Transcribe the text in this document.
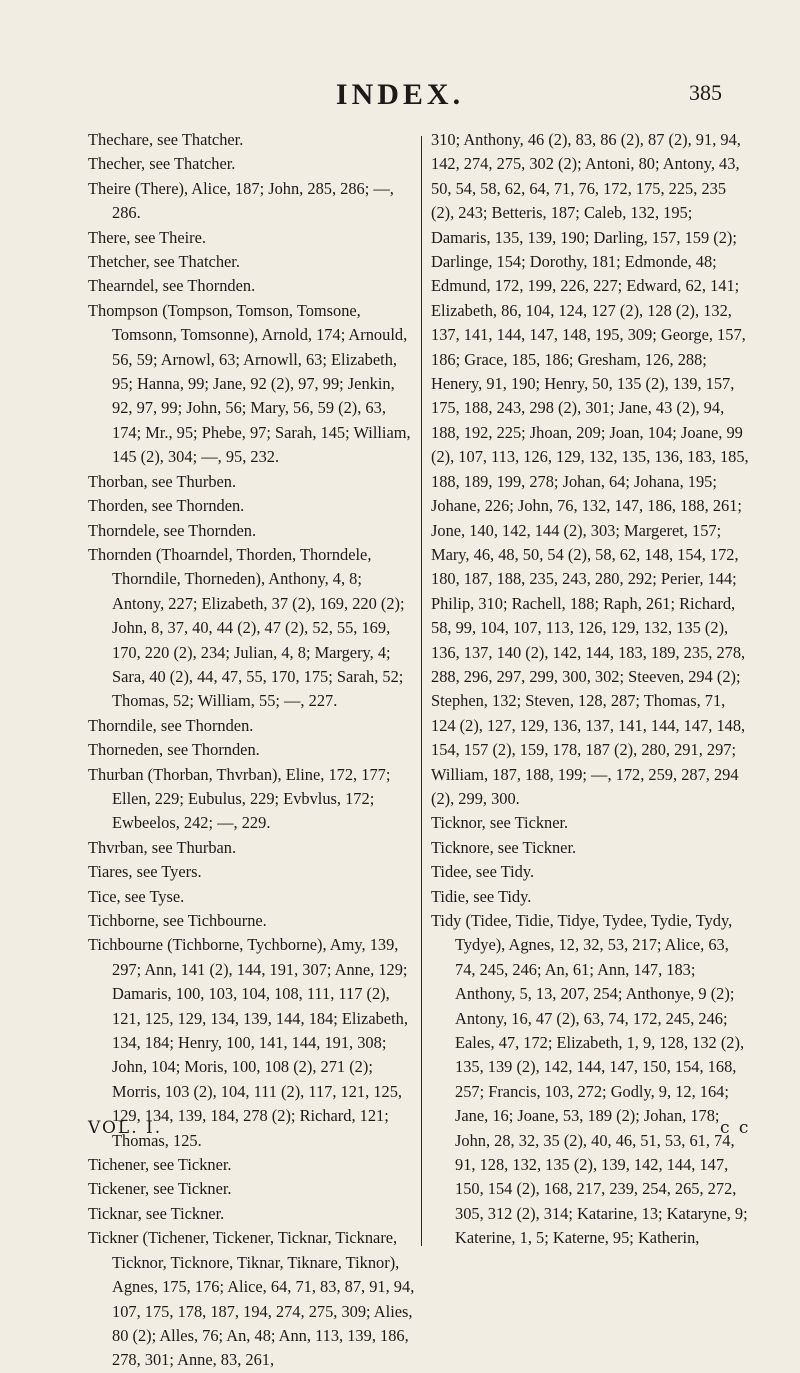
INDEX.	385

Thechare, see Thatcher.

Thecher, see Thatcher.

Theire (There), Alice, 187; John, 285, 286; —, 286.

There, see Theire.

Thetcher, see Thatcher.

Thearndel, see Thornden.

Thompson (Tompson, Tomson, Tomsone, Tomsonn, Tomsonne), Arnold, 174; Arnould, 56, 59; Arnowl, 63; Arnowll, 63; Elizabeth, 95; Hanna, 99; Jane, 92 (2), 97, 99; Jenkin, 92, 97, 99; John, 56; Mary, 56, 59 (2), 63, 174; Mr., 95; Phebe, 97; Sarah, 145; William, 145 (2), 304; —, 95, 232.

Thorban, see Thurben.

Thorden, see Thornden.

Thorndele, see Thornden.

Thornden (Thoarndel, Thorden, Thorndele, Thorndile, Thorneden), Anthony, 4, 8; Antony, 227; Elizabeth, 37 (2), 169, 220 (2); John, 8, 37, 40, 44 (2), 47 (2), 52, 55, 169, 170, 220 (2), 234; Julian, 4, 8; Margery, 4; Sara, 40 (2), 44, 47, 55, 170, 175; Sarah, 52; Thomas, 52; William, 55; —, 227.

Thorndile, see Thornden.

Thorneden, see Thornden.

Thurban (Thorban, Thvrban), Eline, 172, 177; Ellen, 229; Eubulus, 229; Evbvlus, 172; Ewbeelos, 242; —, 229.

Thvrban, see Thurban.

Tiares, see Tyers.

Tice, see Tyse.

Tichborne, see Tichbourne.

Tichbourne (Tichborne, Tychborne), Amy, 139, 297; Ann, 141 (2), 144, 191, 307; Anne, 129; Damaris, 100, 103, 104, 108, 111, 117 (2), 121, 125, 129, 134, 139, 144, 184; Elizabeth, 134, 184; Henry, 100, 141, 144, 191, 308; John, 104; Moris, 100, 108 (2), 271 (2); Morris, 103 (2), 104, 111 (2), 117, 121, 125, 129, 134, 139, 184, 278 (2); Richard, 121; Thomas, 125.

Tichener, see Tickner.

Tickener, see Tickner.

Ticknar, see Tickner.

Tickner (Tichener, Tickener, Ticknar, Ticknare, Ticknor, Ticknore, Tiknar, Tiknare, Tiknor), Agnes, 175, 176; Alice, 64, 71, 83, 87, 91, 94, 107, 175, 178, 187, 194, 274, 275, 309; Alies, 80 (2); Alles, 76; An, 48; Ann, 113, 139, 186, 278, 301; Anne, 83, 261,

310; Anthony, 46 (2), 83, 86 (2), 87 (2), 91, 94, 142, 274, 275, 302 (2); Antoni, 80; Antony, 43, 50, 54, 58, 62, 64, 71, 76, 172, 175, 225, 235 (2), 243; Betteris, 187; Caleb, 132, 195; Damaris, 135, 139, 190; Darling, 157, 159 (2); Darlinge, 154; Dorothy, 181; Edmonde, 48; Edmund, 172, 199, 226, 227; Edward, 62, 141; Elizabeth, 86, 104, 124, 127 (2), 128 (2), 132, 137, 141, 144, 147, 148, 195, 309; George, 157, 186; Grace, 185, 186; Gresham, 126, 288; Henery, 91, 190; Henry, 50, 135 (2), 139, 157, 175, 188, 243, 298 (2), 301; Jane, 43 (2), 94, 188, 192, 225; Jhoan, 209; Joan, 104; Joane, 99 (2), 107, 113, 126, 129, 132, 135, 136, 183, 185, 188, 189, 199, 278; Johan, 64; Johana, 195; Johane, 226; John, 76, 132, 147, 186, 188, 261; Jone, 140, 142, 144 (2), 303; Margeret, 157; Mary, 46, 48, 50, 54 (2), 58, 62, 148, 154, 172, 180, 187, 188, 235, 243, 280, 292; Perier, 144; Philip, 310; Rachell, 188; Raph, 261; Richard, 58, 99, 104, 107, 113, 126, 129, 132, 135 (2), 136, 137, 140 (2), 142, 144, 183, 189, 235, 278, 288, 296, 297, 299, 300, 302; Steeven, 294 (2); Stephen, 132; Steven, 128, 287; Thomas, 71, 124 (2), 127, 129, 136, 137, 141, 144, 147, 148, 154, 157 (2), 159, 178, 187 (2), 280, 291, 297; William, 187, 188, 199; —, 172, 259, 287, 294 (2), 299, 300.

Ticknor, see Tickner.

Ticknore, see Tickner.

Tidee, see Tidy.

Tidie, see Tidy.

Tidy (Tidee, Tidie, Tidye, Tydee, Tydie, Tydy, Tydye), Agnes, 12, 32, 53, 217; Alice, 63, 74, 245, 246; An, 61; Ann, 147, 183; Anthony, 5, 13, 207, 254; Anthonye, 9 (2); Antony, 16, 47 (2), 63, 74, 172, 245, 246; Eales, 47, 172; Elizabeth, 1, 9, 128, 132 (2), 135, 139 (2), 142, 144, 147, 150, 154, 168, 257; Francis, 103, 272; Godly, 9, 12, 164; Jane, 16; Joane, 53, 189 (2); Johan, 178; John, 28, 32, 35 (2), 40, 46, 51, 53, 61, 74, 91, 128, 132, 135 (2), 139, 142, 144, 147, 150, 154 (2), 168, 217, 239, 254, 265, 272, 305, 312 (2), 314; Katarine, 13; Kataryne, 9; Katerine, 1, 5; Katerne, 95; Katherin,

VOL. I.	c c
